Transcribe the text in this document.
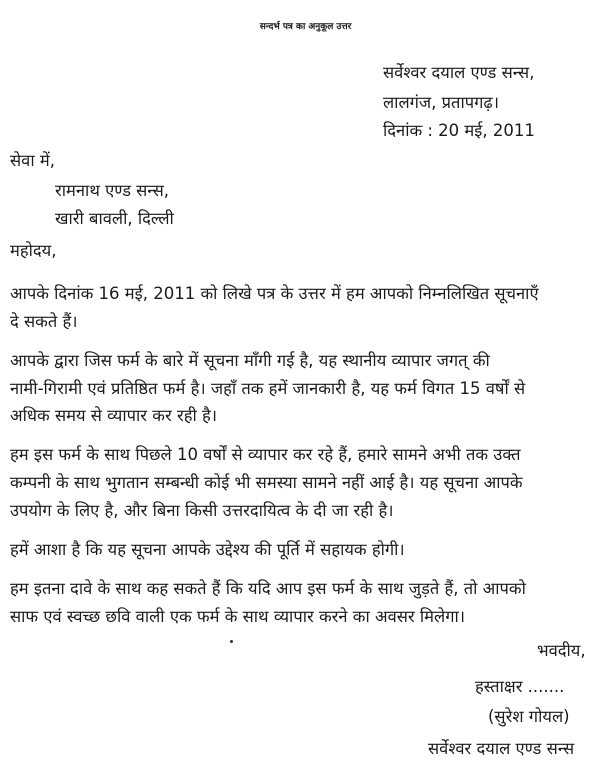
सन्दर्भ पत्र का अनुकूल उत्तर
सर्वेश्वर दयाल एण्ड सन्स,
लालगंज, प्रतापगढ़।
दिनांक : 20 मई, 2011
सेवा में,
रामनाथ एण्ड सन्स,
खारी बावली, दिल्ली
महोदय,
आपके दिनांक 16 मई, 2011 को लिखे पत्र के उत्तर में हम आपको निम्नलिखित सूचनाएँ
दे सकते हैं।
आपके द्वारा जिस फर्म के बारे में सूचना माँगी गई है, यह स्थानीय व्यापार जगत् की
नामी-गिरामी एवं प्रतिष्ठित फर्म है। जहाँ तक हमें जानकारी है, यह फर्म विगत 15 वर्षों से
अधिक समय से व्यापार कर रही है।
हम इस फर्म के साथ पिछले 10 वर्षों से व्यापार कर रहे हैं, हमारे सामने अभी तक उक्त
कम्पनी के साथ भुगतान सम्बन्धी कोई भी समस्या सामने नहीं आई है। यह सूचना आपके
उपयोग के लिए है, और बिना किसी उत्तरदायित्व के दी जा रही है।
हमें आशा है कि यह सूचना आपके उद्देश्य की पूर्ति में सहायक होगी।
हम इतना दावे के साथ कह सकते हैं कि यदि आप इस फर्म के साथ जुड़ते हैं, तो आपको
साफ एवं स्वच्छ छवि वाली एक फर्म के साथ व्यापार करने का अवसर मिलेगा।
भवदीय,
हस्ताक्षर .......
(सुरेश गोयल)
सर्वेश्वर दयाल एण्ड सन्स
